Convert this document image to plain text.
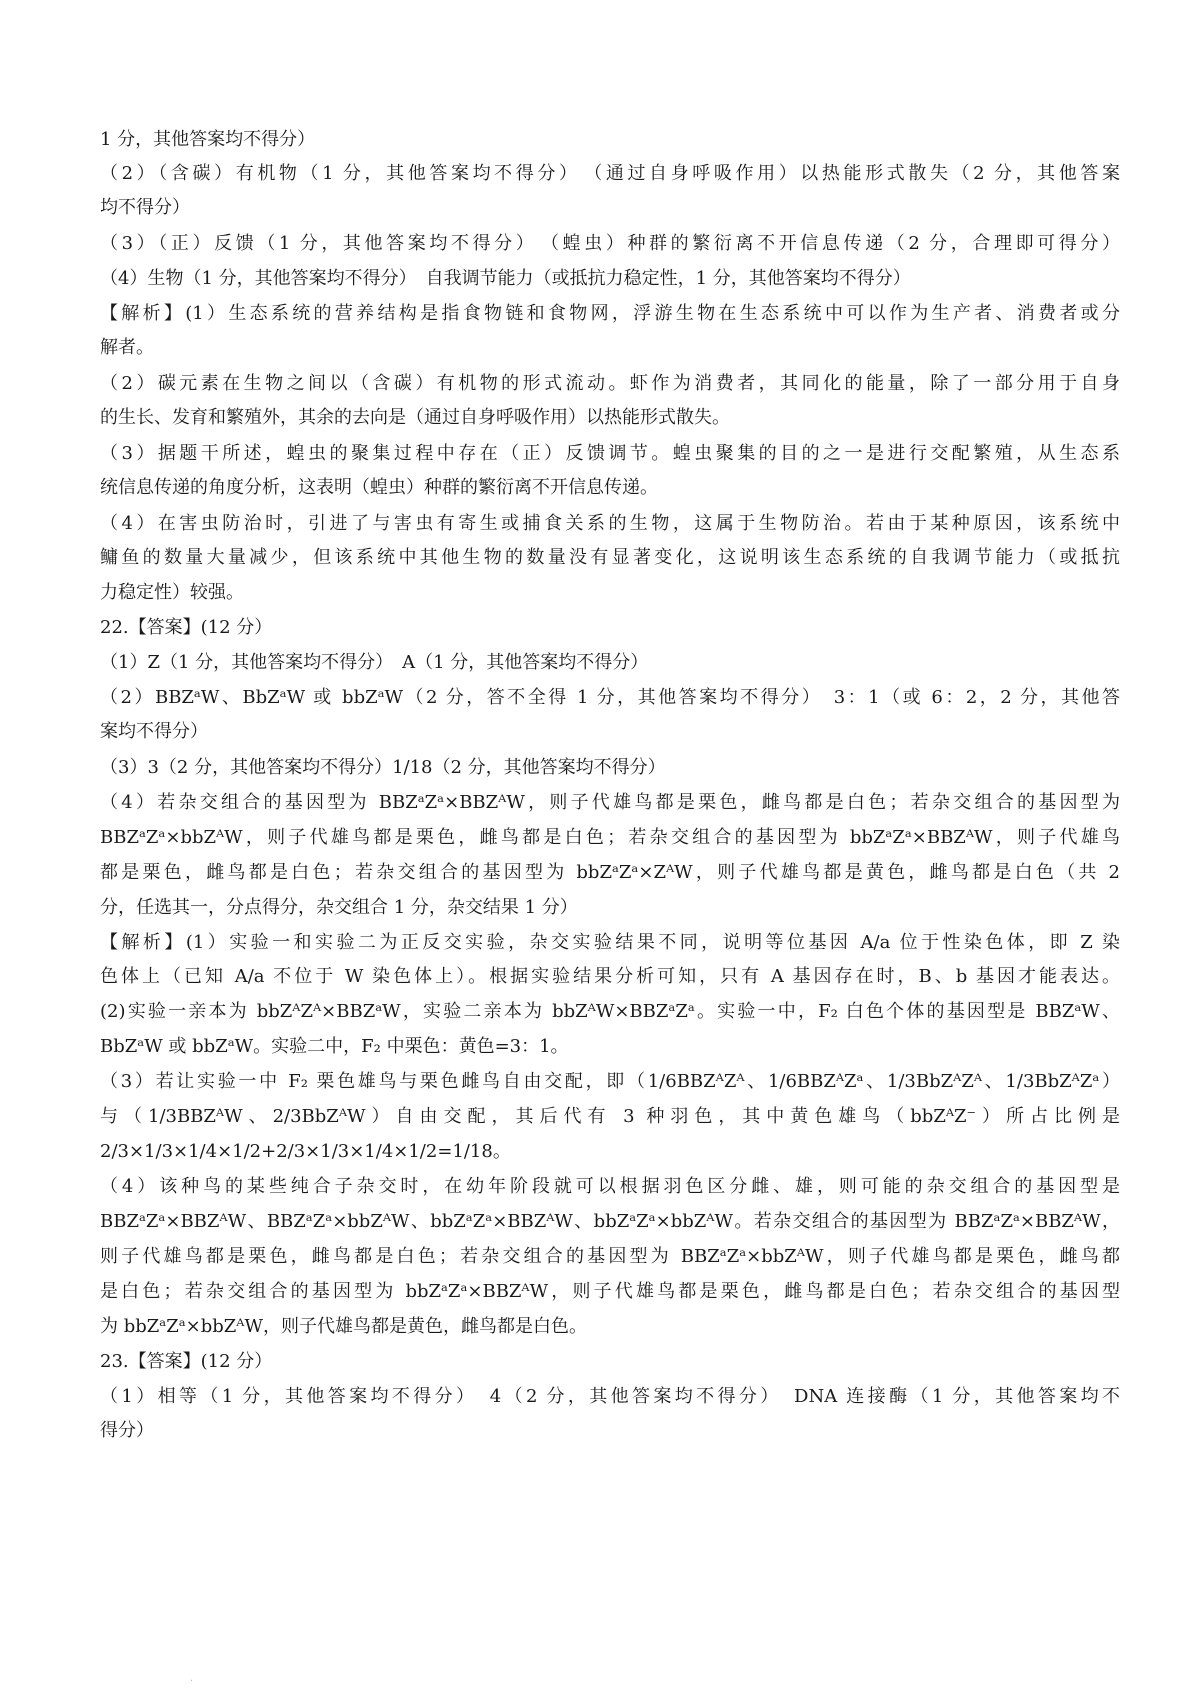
1 分，其他答案均不得分）
（2）（含碳）有机物（1 分，其他答案均不得分）　（通过自身呼吸作用）以热能形式散失（2 分，其他答案
均不得分）
（3）（正）反馈（1 分，其他答案均不得分）　（蝗虫）种群的繁衍离不开信息传递（2 分，合理即可得分）
（4）生物（1 分，其他答案均不得分）　自我调节能力（或抵抗力稳定性，1 分，其他答案均不得分）
【解析】(1）生态系统的营养结构是指食物链和食物网，浮游生物在生态系统中可以作为生产者、消费者或分
解者。
（2）碳元素在生物之间以（含碳）有机物的形式流动。虾作为消费者，其同化的能量，除了一部分用于自身
的生长、发育和繁殖外，其余的去向是（通过自身呼吸作用）以热能形式散失。
（3）据题干所述，蝗虫的聚集过程中存在（正）反馈调节。蝗虫聚集的目的之一是进行交配繁殖，从生态系
统信息传递的角度分析，这表明（蝗虫）种群的繁衍离不开信息传递。
（4）在害虫防治时，引进了与害虫有寄生或捕食关系的生物，这属于生物防治。若由于某种原因，该系统中
鳙鱼的数量大量减少，但该系统中其他生物的数量没有显著变化，这说明该生态系统的自我调节能力（或抵抗
力稳定性）较强。
22.【答案】(12 分）
（1）Z（1 分，其他答案均不得分）　A（1 分，其他答案均不得分）
（2）BBZᵃW、BbZᵃW 或 bbZᵃW（2 分，答不全得 1 分，其他答案均不得分）　3：1（或 6：2，2 分，其他答
案均不得分）
（3）3（2 分，其他答案均不得分）1/18（2 分，其他答案均不得分）
（4）若杂交组合的基因型为 BBZᵃZᵃ×BBZᴬW，则子代雄鸟都是栗色，雌鸟都是白色；若杂交组合的基因型为
BBZᵃZᵃ×bbZᴬW，则子代雄鸟都是栗色，雌鸟都是白色；若杂交组合的基因型为 bbZᵃZᵃ×BBZᴬW，则子代雄鸟
都是栗色，雌鸟都是白色；若杂交组合的基因型为 bbZᵃZᵃ×ZᴬW，则子代雄鸟都是黄色，雌鸟都是白色（共 2
分，任选其一，分点得分，杂交组合 1 分，杂交结果 1 分）
【解析】(1）实验一和实验二为正反交实验，杂交实验结果不同，说明等位基因 A/a 位于性染色体，即 Z 染
色体上（已知 A/a 不位于 W 染色体上）。根据实验结果分析可知，只有 A 基因存在时，B、b 基因才能表达。
(2)实验一亲本为 bbZᴬZᴬ×BBZᵃW，实验二亲本为 bbZᴬW×BBZᵃZᵃ。实验一中，F₂ 白色个体的基因型是 BBZᵃW、
BbZᵃW 或 bbZᵃW。实验二中，F₂ 中栗色：黄色=3：1。
（3）若让实验一中 F₂ 栗色雄鸟与栗色雌鸟自由交配，即（1/6BBZᴬZᴬ、1/6BBZᴬZᵃ、1/3BbZᴬZᴬ、1/3BbZᴬZᵃ）
与（1/3BBZᴬW、2/3BbZᴬW）自由交配，其后代有 3 种羽色，其中黄色雄鸟（bbZᴬZ⁻）所占比例是
2/3×1/3×1/4×1/2+2/3×1/3×1/4×1/2=1/18。
（4）该种鸟的某些纯合子杂交时，在幼年阶段就可以根据羽色区分雌、雄，则可能的杂交组合的基因型是
BBZᵃZᵃ×BBZᴬW、BBZᵃZᵃ×bbZᴬW、bbZᵃZᵃ×BBZᴬW、bbZᵃZᵃ×bbZᴬW。若杂交组合的基因型为 BBZᵃZᵃ×BBZᴬW，
则子代雄鸟都是栗色，雌鸟都是白色；若杂交组合的基因型为 BBZᵃZᵃ×bbZᴬW，则子代雄鸟都是栗色，雌鸟都
是白色；若杂交组合的基因型为 bbZᵃZᵃ×BBZᴬW，则子代雄鸟都是栗色，雌鸟都是白色；若杂交组合的基因型
为 bbZᵃZᵃ×bbZᴬW，则子代雄鸟都是黄色，雌鸟都是白色。
23.【答案】(12 分）
（1）相等（1 分，其他答案均不得分）　4（2 分，其他答案均不得分）　DNA 连接酶（1 分，其他答案均不
得分）
·
